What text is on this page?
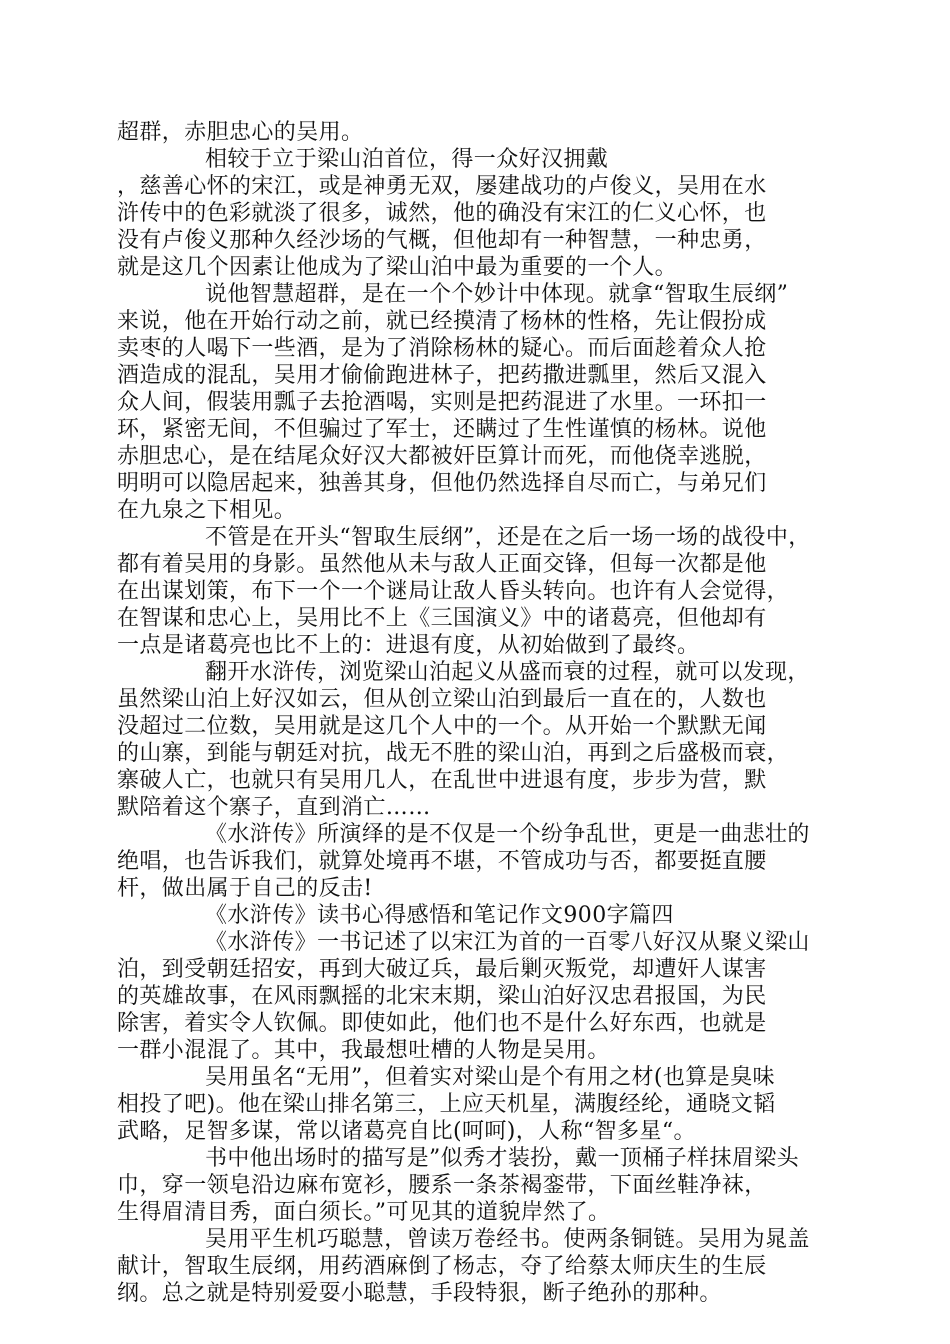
超群，赤胆忠心的吴用。
相较于立于梁山泊首位，得一众好汉拥戴
，慈善心怀的宋江，或是神勇无双，屡建战功的卢俊义，吴用在水
浒传中的色彩就淡了很多，诚然，他的确没有宋江的仁义心怀，也
没有卢俊义那种久经沙场的气概，但他却有一种智慧，一种忠勇，
就是这几个因素让他成为了梁山泊中最为重要的一个人。
说他智慧超群，是在一个个妙计中体现。就拿“智取生辰纲”
来说，他在开始行动之前，就已经摸清了杨林的性格，先让假扮成
卖枣的人喝下一些酒，是为了消除杨林的疑心。而后面趁着众人抢
酒造成的混乱，吴用才偷偷跑进林子，把药撒进瓢里，然后又混入
众人间，假装用瓢子去抢酒喝，实则是把药混进了水里。一环扣一
环，紧密无间，不但骗过了军士，还瞒过了生性谨慎的杨林。说他
赤胆忠心，是在结尾众好汉大都被奸臣算计而死，而他侥幸逃脱，
明明可以隐居起来，独善其身，但他仍然选择自尽而亡，与弟兄们
在九泉之下相见。
不管是在开头“智取生辰纲”，还是在之后一场一场的战役中，
都有着吴用的身影。虽然他从未与敌人正面交锋，但每一次都是他
在出谋划策，布下一个一个谜局让敌人昏头转向。也许有人会觉得，
在智谋和忠心上，吴用比不上《三国演义》中的诸葛亮，但他却有
一点是诸葛亮也比不上的：进退有度，从初始做到了最终。
翻开水浒传，浏览梁山泊起义从盛而衰的过程，就可以发现，
虽然梁山泊上好汉如云，但从创立梁山泊到最后一直在的，人数也
没超过二位数，吴用就是这几个人中的一个。从开始一个默默无闻
的山寨，到能与朝廷对抗，战无不胜的梁山泊，再到之后盛极而衰，
寨破人亡，也就只有吴用几人，在乱世中进退有度，步步为营，默
默陪着这个寨子，直到消亡……
《水浒传》所演绎的是不仅是一个纷争乱世，更是一曲悲壮的
绝唱，也告诉我们，就算处境再不堪，不管成功与否，都要挺直腰
杆，做出属于自己的反击!
《水浒传》读书心得感悟和笔记作文900字篇四
《水浒传》一书记述了以宋江为首的一百零八好汉从聚义梁山
泊，到受朝廷招安，再到大破辽兵，最后剿灭叛党，却遭奸人谋害
的英雄故事，在风雨飘摇的北宋末期，梁山泊好汉忠君报国，为民
除害，着实令人钦佩。即使如此，他们也不是什么好东西，也就是
一群小混混了。其中，我最想吐槽的人物是吴用。
吴用虽名“无用”，但着实对梁山是个有用之材(也算是臭味
相投了吧)。他在梁山排名第三，上应天机星，满腹经纶，通晓文韬
武略，足智多谋，常以诸葛亮自比(呵呵)，人称“智多星“。
书中他出场时的描写是”似秀才装扮，戴一顶桶子样抹眉梁头
巾，穿一领皂沿边麻布宽衫，腰系一条茶褐銮带，下面丝鞋净袜，
生得眉清目秀，面白须长。”可见其的道貌岸然了。
吴用平生机巧聪慧，曾读万卷经书。使两条铜链。吴用为晁盖
献计，智取生辰纲，用药酒麻倒了杨志，夺了给蔡太师庆生的生辰
纲。总之就是特别爱耍小聪慧，手段特狠，断子绝孙的那种。
